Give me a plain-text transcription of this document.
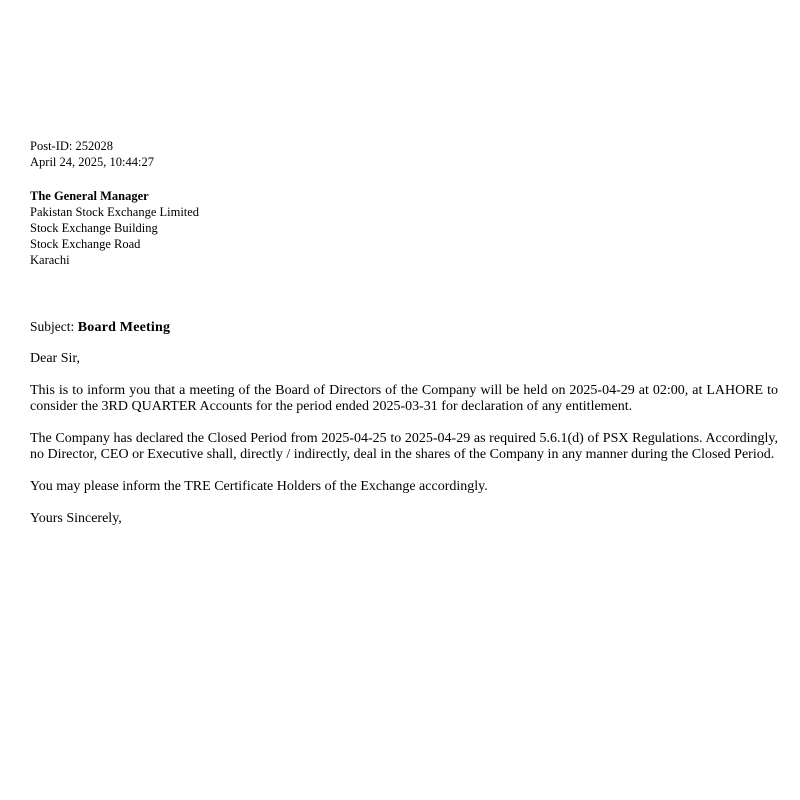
Post-ID: 252028
April 24, 2025, 10:44:27
The General Manager
Pakistan Stock Exchange Limited
Stock Exchange Building
Stock Exchange Road
Karachi
Subject: Board Meeting
Dear Sir,
This is to inform you that a meeting of the Board of Directors of the Company will be held on 2025-04-29 at 02:00, at LAHORE to consider the 3RD QUARTER Accounts for the period ended 2025-03-31 for declaration of any entitlement.
The Company has declared the Closed Period from 2025-04-25 to 2025-04-29 as required 5.6.1(d) of PSX Regulations. Accordingly, no Director, CEO or Executive shall, directly / indirectly, deal in the shares of the Company in any manner during the Closed Period.
You may please inform the TRE Certificate Holders of the Exchange accordingly.
Yours Sincerely,
